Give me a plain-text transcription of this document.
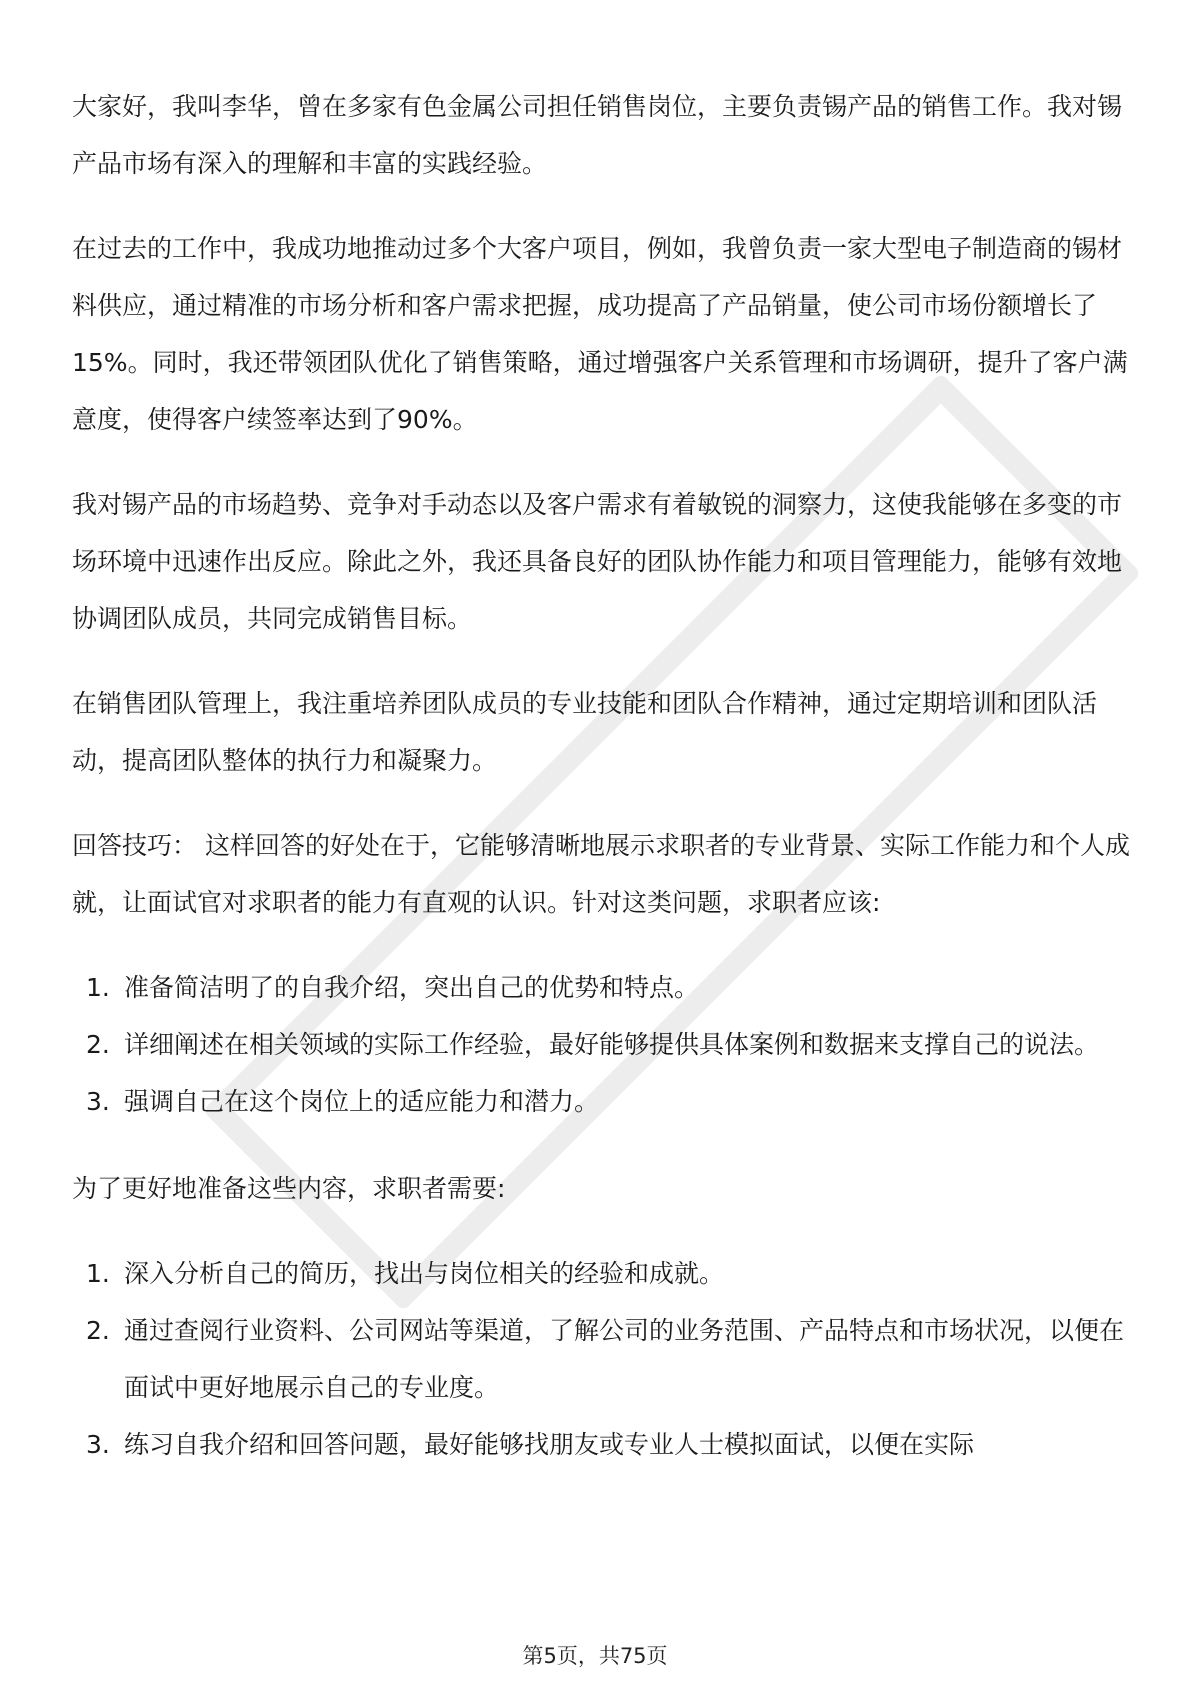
大家好，我叫李华，曾在多家有色金属公司担任销售岗位，主要负责锡产品的销售工作。我对锡产品市场有深入的理解和丰富的实践经验。

在过去的工作中，我成功地推动过多个大客户项目，例如，我曾负责一家大型电子制造商的锡材料供应，通过精准的市场分析和客户需求把握，成功提高了产品销量，使公司市场份额增长了15%。同时，我还带领团队优化了销售策略，通过增强客户关系管理和市场调研，提升了客户满意度，使得客户续签率达到了90%。

我对锡产品的市场趋势、竞争对手动态以及客户需求有着敏锐的洞察力，这使我能够在多变的市场环境中迅速作出反应。除此之外，我还具备良好的团队协作能力和项目管理能力，能够有效地协调团队成员，共同完成销售目标。

在销售团队管理上，我注重培养团队成员的专业技能和团队合作精神，通过定期培训和团队活动，提高团队整体的执行力和凝聚力。

回答技巧： 这样回答的好处在于，它能够清晰地展示求职者的专业背景、实际工作能力和个人成就，让面试官对求职者的能力有直观的认识。针对这类问题，求职者应该:

1. 准备简洁明了的自我介绍，突出自己的优势和特点。
2. 详细阐述在相关领域的实际工作经验，最好能够提供具体案例和数据来支撑自己的说法。
3. 强调自己在这个岗位上的适应能力和潜力。

为了更好地准备这些内容，求职者需要:

1. 深入分析自己的简历，找出与岗位相关的经验和成就。
2. 通过查阅行业资料、公司网站等渠道，了解公司的业务范围、产品特点和市场状况，以便在面试中更好地展示自己的专业度。
3. 练习自我介绍和回答问题，最好能够找朋友或专业人士模拟面试，以便在实际
第5页，共75页
